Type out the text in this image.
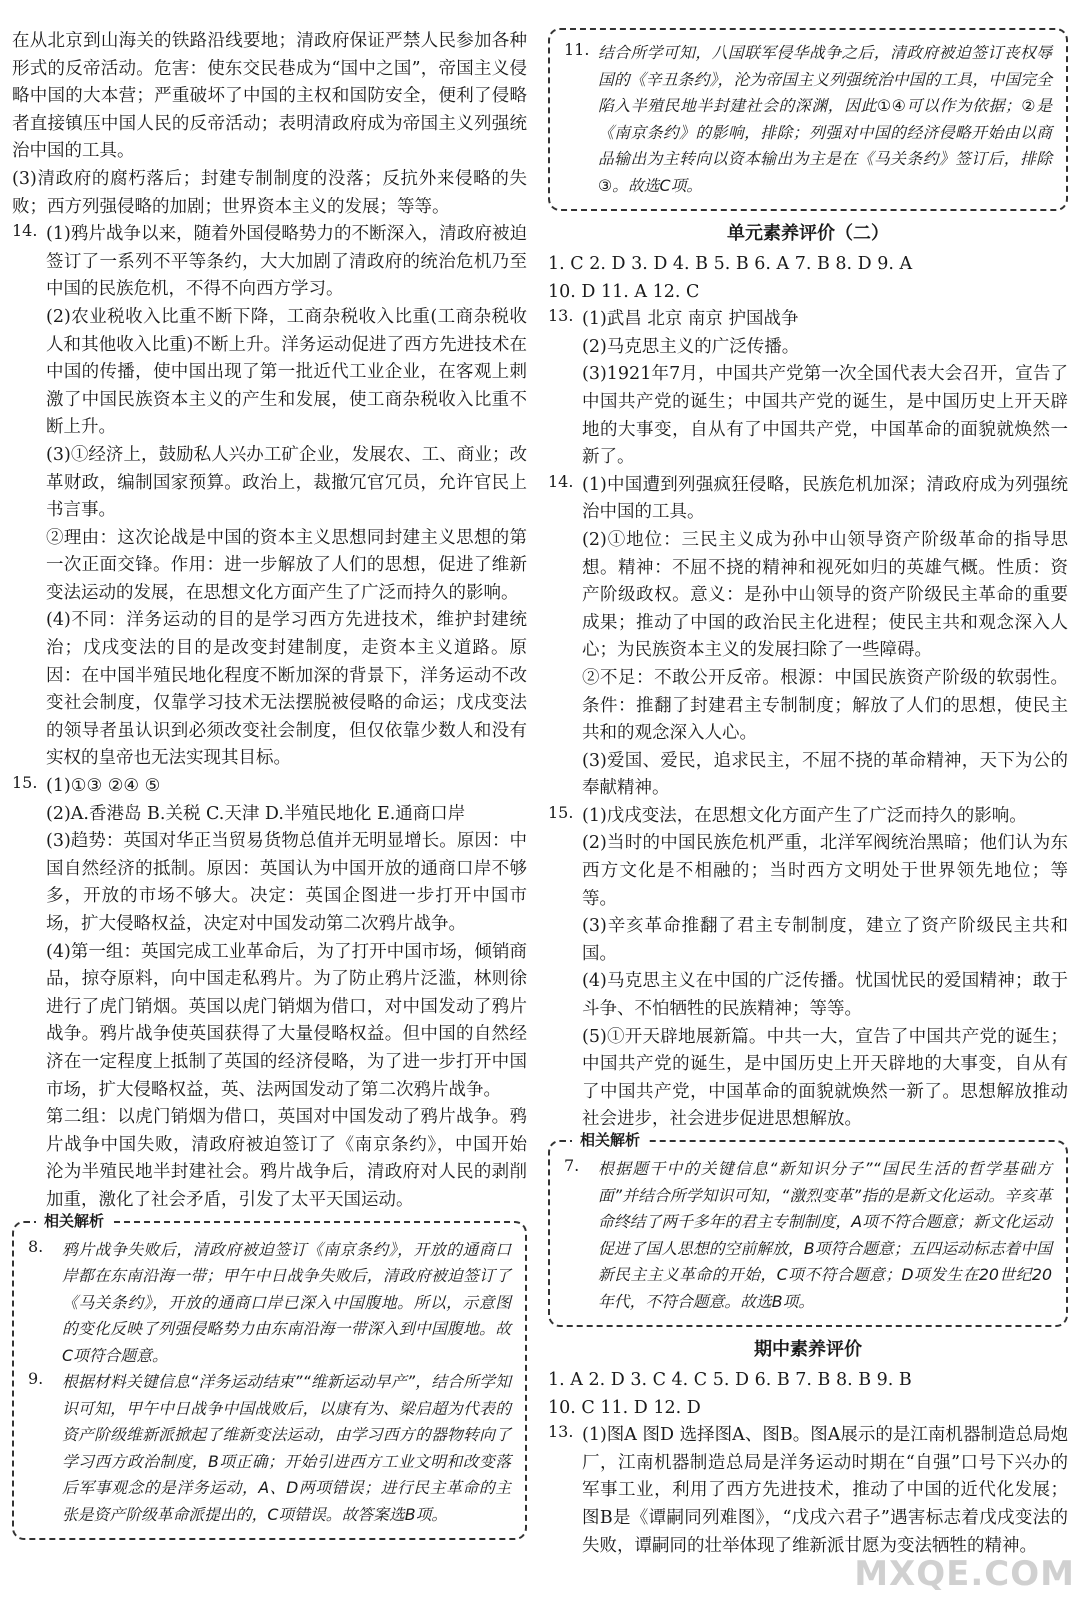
在从北京到山海关的铁路沿线要地；清政府保证严禁人民参加各种形式的反帝活动。危害：使东交民巷成为“国中之国”，帝国主义侵略中国的大本营；严重破坏了中国的主权和国防安全，便利了侵略者直接镇压中国人民的反帝活动；表明清政府成为帝国主义列强统治中国的工具。

(3)清政府的腐朽落后；封建专制制度的没落；反抗外来侵略的失败；西方列强侵略的加剧；世界资本主义的发展；等等。

14. (1)鸦片战争以来，随着外国侵略势力的不断深入，清政府被迫签订了一系列不平等条约，大大加剧了清政府的统治危机乃至中国的民族危机，不得不向西方学习。

(2)农业税收入比重不断下降，工商杂税收入比重(工商杂税收人和其他收入比重)不断上升。洋务运动促进了西方先进技术在中国的传播，使中国出现了第一批近代工业企业，在客观上刺激了中国民族资本主义的产生和发展，使工商杂税收入比重不断上升。

(3)①经济上，鼓励私人兴办工矿企业，发展农、工、商业；改革财政，编制国家预算。政治上，裁撤冗官冗员，允许官民上书言事。

②理由：这次论战是中国的资本主义思想同封建主义思想的第一次正面交锋。作用：进一步解放了人们的思想，促进了维新变法运动的发展，在思想文化方面产生了广泛而持久的影响。

(4)不同：洋务运动的目的是学习西方先进技术，维护封建统治；戊戌变法的目的是改变封建制度，走资本主义道路。原因：在中国半殖民地化程度不断加深的背景下，洋务运动不改变社会制度，仅靠学习技术无法摆脱被侵略的命运；戊戌变法的领导者虽认识到必须改变社会制度，但仅依靠少数人和没有实权的皇帝也无法实现其目标。

15. (1)①③ ②④ ⑤

(2)A.香港岛 B.关税 C.天津 D.半殖民地化 E.通商口岸

(3)趋势：英国对华正当贸易货物总值并无明显增长。原因：中国自然经济的抵制。原因：英国认为中国开放的通商口岸不够多，开放的市场不够大。决定：英国企图进一步打开中国市场，扩大侵略权益，决定对中国发动第二次鸦片战争。

(4)第一组：英国完成工业革命后，为了打开中国市场，倾销商品，掠夺原料，向中国走私鸦片。为了防止鸦片泛滥，林则徐进行了虎门销烟。英国以虎门销烟为借口，对中国发动了鸦片战争。鸦片战争使英国获得了大量侵略权益。但中国的自然经济在一定程度上抵制了英国的经济侵略，为了进一步打开中国市场，扩大侵略权益，英、法两国发动了第二次鸦片战争。

第二组：以虎门销烟为借口，英国对中国发动了鸦片战争。鸦片战争中国失败，清政府被迫签订了《南京条约》，中国开始沦为半殖民地半封建社会。鸦片战争后，清政府对人民的剥削加重，激化了社会矛盾，引发了太平天国运动。

相关解析
8. 鸦片战争失败后，清政府被迫签订《南京条约》，开放的通商口岸都在东南沿海一带；甲午中日战争失败后，清政府被迫签订了《马关条约》，开放的通商口岸已深入中国腹地。所以，示意图的变化反映了列强侵略势力由东南沿海一带深入到中国腹地。故C项符合题意。

9. 根据材料关键信息“洋务运动结束”“维新运动早产”，结合所学知识可知，甲午中日战争中国战败后，以康有为、梁启超为代表的资产阶级维新派掀起了维新变法运动，由学习西方的器物转向了学习西方政治制度，B项正确；开始引进西方工业文明和改变落后军事观念的是洋务运动，A、D两项错误；进行民主革命的主张是资产阶级革命派提出的，C项错误。故答案选B项。

11. 结合所学可知，八国联军侵华战争之后，清政府被迫签订丧权辱国的《辛丑条约》，沦为帝国主义列强统治中国的工具，中国完全陷入半殖民地半封建社会的深渊，因此①④可以作为依据；②是《南京条约》的影响，排除；列强对中国的经济侵略开始由以商品输出为主转向以资本输出为主是在《马关条约》签订后，排除③。故选C项。

单元素养评价（二）

1. C 2. D 3. D 4. B 5. B 6. A 7. B 8. D 9. A

10. D 11. A 12. C

13. (1)武昌 北京 南京 护国战争

(2)马克思主义的广泛传播。

(3)1921年7月，中国共产党第一次全国代表大会召开，宣告了中国共产党的诞生；中国共产党的诞生，是中国历史上开天辟地的大事变，自从有了中国共产党，中国革命的面貌就焕然一新了。

14. (1)中国遭到列强疯狂侵略，民族危机加深；清政府成为列强统治中国的工具。

(2)①地位：三民主义成为孙中山领导资产阶级革命的指导思想。精神：不屈不挠的精神和视死如归的英雄气概。性质：资产阶级政权。意义：是孙中山领导的资产阶级民主革命的重要成果；推动了中国的政治民主化进程；使民主共和观念深入人心；为民族资本主义的发展扫除了一些障碍。

②不足：不敢公开反帝。根源：中国民族资产阶级的软弱性。条件：推翻了封建君主专制制度；解放了人们的思想，使民主共和的观念深入人心。

(3)爱国、爱民，追求民主，不屈不挠的革命精神，天下为公的奉献精神。

15. (1)戊戌变法，在思想文化方面产生了广泛而持久的影响。

(2)当时的中国民族危机严重，北洋军阀统治黑暗；他们认为东西方文化是不相融的；当时西方文明处于世界领先地位；等等。

(3)辛亥革命推翻了君主专制制度，建立了资产阶级民主共和国。

(4)马克思主义在中国的广泛传播。忧国忧民的爱国精神；敢于斗争、不怕牺牲的民族精神；等等。

(5)①开天辟地展新篇。中共一大，宣告了中国共产党的诞生；中国共产党的诞生，是中国历史上开天辟地的大事变，自从有了中国共产党，中国革命的面貌就焕然一新了。思想解放推动社会进步，社会进步促进思想解放。

相关解析
7. 根据题干中的关键信息“新知识分子”“国民生活的哲学基础方面”并结合所学知识可知，“激烈变革”指的是新文化运动。辛亥革命终结了两千多年的君主专制制度，A项不符合题意；新文化运动促进了国人思想的空前解放，B项符合题意；五四运动标志着中国新民主主义革命的开始，C项不符合题意；D项发生在20世纪20年代，不符合题意。故选B项。

期中素养评价

1. A 2. D 3. C 4. C 5. D 6. B 7. B 8. B 9. B

10. C 11. D 12. D

13. (1)图A 图D 选择图A、图B。图A展示的是江南机器制造总局炮厂，江南机器制造总局是洋务运动时期在“自强”口号下兴办的军事工业，利用了西方先进技术，推动了中国的近代化发展；图B是《谭嗣同列难图》，“戊戌六君子”遇害标志着戊戌变法的失败，谭嗣同的壮举体现了维新派甘愿为变法牺牲的精神。

MXQE.COM
